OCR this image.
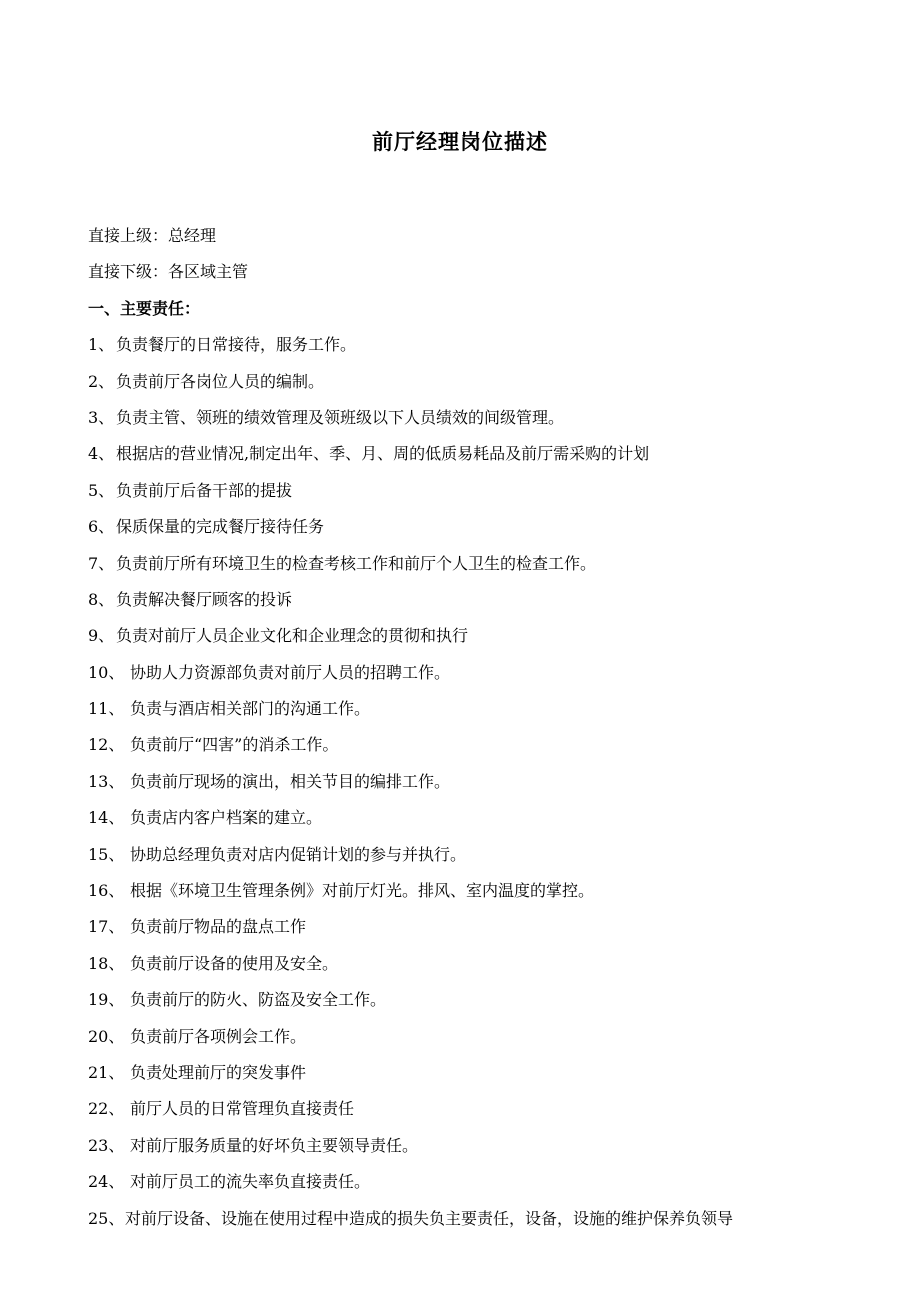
前厅经理岗位描述
直接上级：总经理
直接下级：各区域主管
一、主要责任：
1、 负责餐厅的日常接待，服务工作。
2、 负责前厅各岗位人员的编制。
3、 负责主管、领班的绩效管理及领班级以下人员绩效的间级管理。
4、 根据店的营业情况,制定出年、季、月、周的低质易耗品及前厅需采购的计划
5、 负责前厅后备干部的提拔
6、 保质保量的完成餐厅接待任务
7、 负责前厅所有环境卫生的检查考核工作和前厅个人卫生的检查工作。
8、 负责解决餐厅顾客的投诉
9、 负责对前厅人员企业文化和企业理念的贯彻和执行
10、 协助人力资源部负责对前厅人员的招聘工作。
11、 负责与酒店相关部门的沟通工作。
12、 负责前厅“四害”的消杀工作。
13、 负责前厅现场的演出，相关节目的编排工作。
14、 负责店内客户档案的建立。
15、 协助总经理负责对店内促销计划的参与并执行。
16、 根据《环境卫生管理条例》对前厅灯光。排风、室内温度的掌控。
17、 负责前厅物品的盘点工作
18、 负责前厅设备的使用及安全。
19、 负责前厅的防火、防盗及安全工作。
20、 负责前厅各项例会工作。
21、 负责处理前厅的突发事件
22、 前厅人员的日常管理负直接责任
23、 对前厅服务质量的好坏负主要领导责任。
24、 对前厅员工的流失率负直接责任。
25、 对前厅设备、设施在使用过程中造成的损失负主要责任，设备，设施的维护保养负领导
